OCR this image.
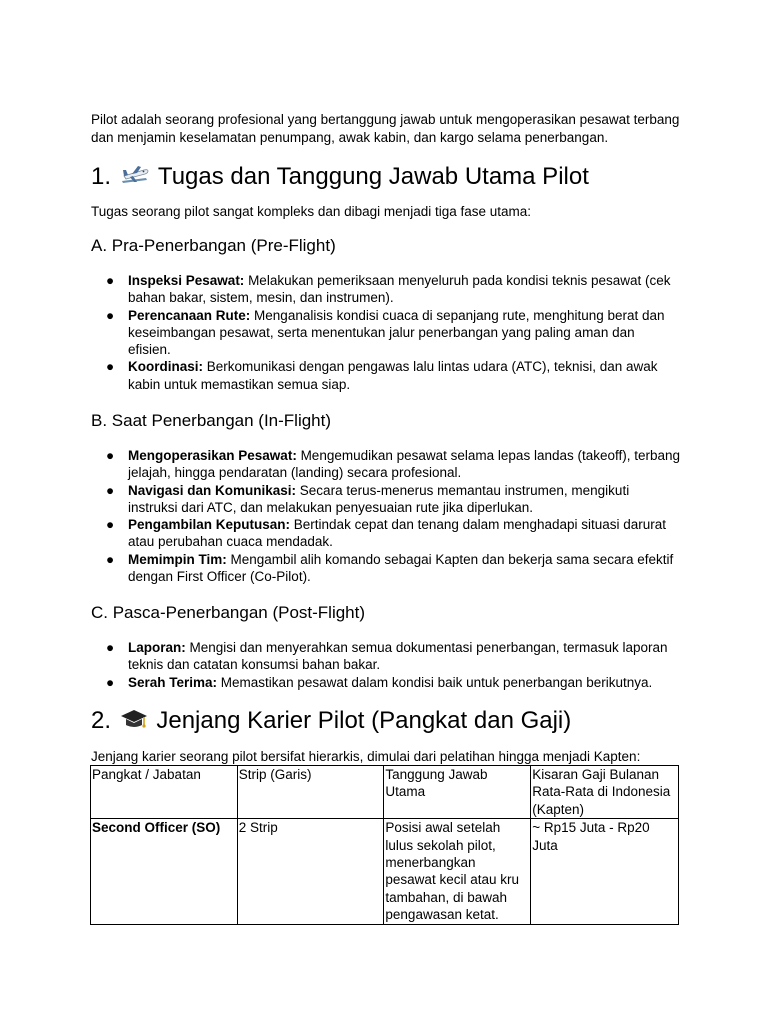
Pilot adalah seorang profesional yang bertanggung jawab untuk mengoperasikan pesawat terbang dan menjamin keselamatan penumpang, awak kabin, dan kargo selama penerbangan.

1. Tugas dan Tanggung Jawab Utama Pilot

Tugas seorang pilot sangat kompleks dan dibagi menjadi tiga fase utama:

A. Pra-Penerbangan (Pre-Flight)
● Inspeksi Pesawat: Melakukan pemeriksaan menyeluruh pada kondisi teknis pesawat (cek bahan bakar, sistem, mesin, dan instrumen).
● Perencanaan Rute: Menganalisis kondisi cuaca di sepanjang rute, menghitung berat dan keseimbangan pesawat, serta menentukan jalur penerbangan yang paling aman dan efisien.
● Koordinasi: Berkomunikasi dengan pengawas lalu lintas udara (ATC), teknisi, dan awak kabin untuk memastikan semua siap.
B. Saat Penerbangan (In-Flight)
● Mengoperasikan Pesawat: Mengemudikan pesawat selama lepas landas (takeoff), terbang jelajah, hingga pendaratan (landing) secara profesional.
● Navigasi dan Komunikasi: Secara terus-menerus memantau instrumen, mengikuti instruksi dari ATC, dan melakukan penyesuaian rute jika diperlukan.
● Pengambilan Keputusan: Bertindak cepat dan tenang dalam menghadapi situasi darurat atau perubahan cuaca mendadak.
● Memimpin Tim: Mengambil alih komando sebagai Kapten dan bekerja sama secara efektif dengan First Officer (Co-Pilot).
C. Pasca-Penerbangan (Post-Flight)
● Laporan: Mengisi dan menyerahkan semua dokumentasi penerbangan, termasuk laporan teknis dan catatan konsumsi bahan bakar.
● Serah Terima: Memastikan pesawat dalam kondisi baik untuk penerbangan berikutnya.
2. Jenjang Karier Pilot (Pangkat dan Gaji)

Jenjang karier seorang pilot bersifat hierarkis, dimulai dari pelatihan hingga menjadi Kapten:

Pangkat / Jabatan	Strip (Garis)	Tanggung Jawab Utama	Kisaran Gaji Bulanan Rata-Rata di Indonesia (Kapten)
Second Officer (SO)	2 Strip	Posisi awal setelah lulus sekolah pilot, menerbangkan pesawat kecil atau kru tambahan, di bawah pengawasan ketat.	~ Rp15 Juta - Rp20 Juta
